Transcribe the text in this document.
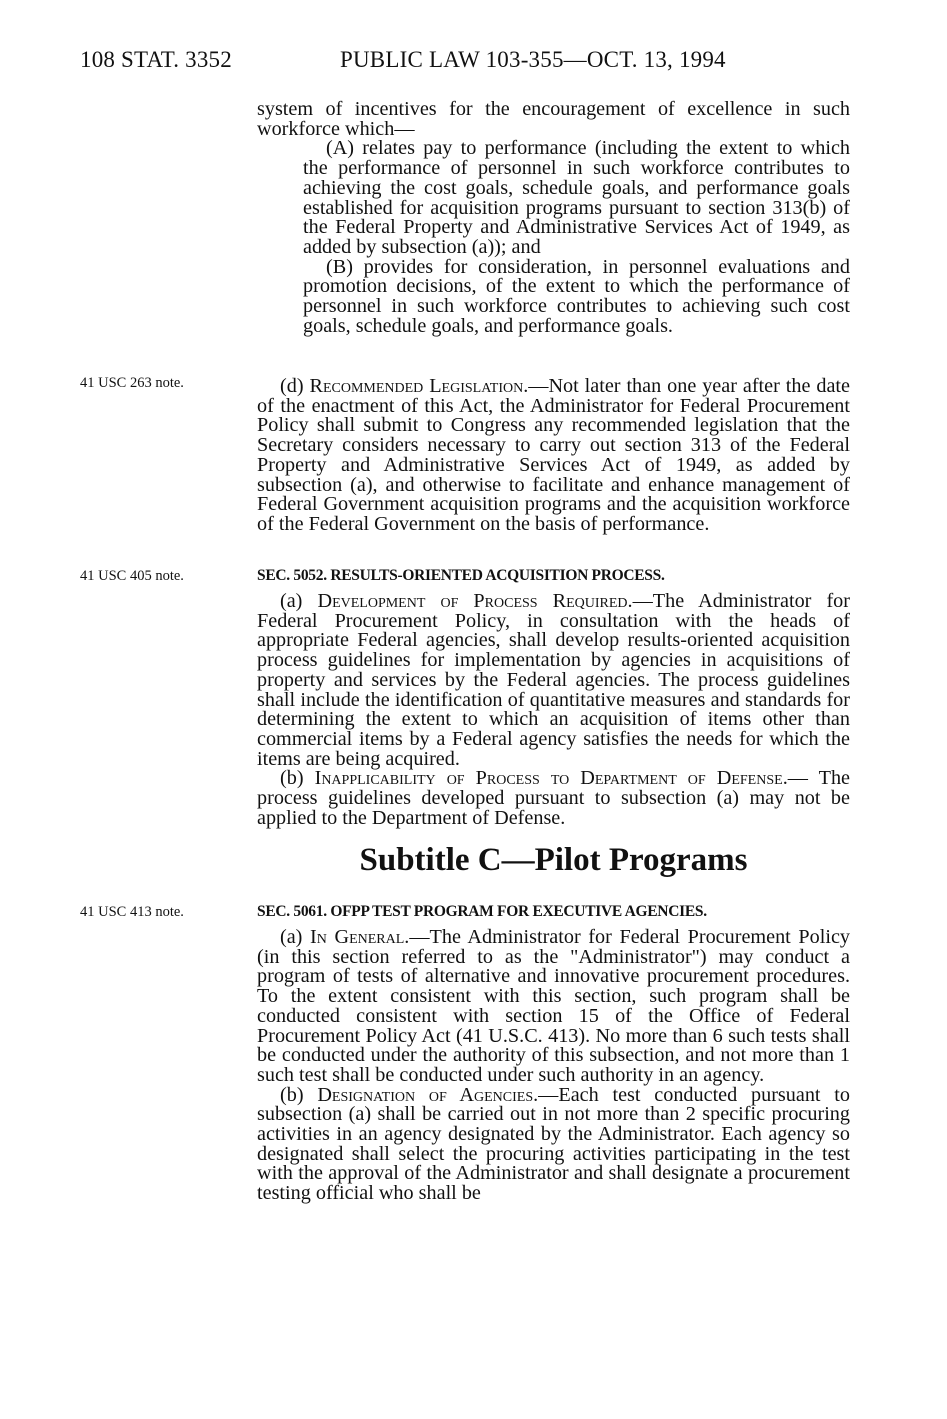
108 STAT. 3352	PUBLIC LAW 103-355—OCT. 13, 1994

system of incentives for the encouragement of excellence in such workforce which—

(A) relates pay to performance (including the extent to which the performance of personnel in such workforce contributes to achieving the cost goals, schedule goals, and performance goals established for acquisition programs pursuant to section 313(b) of the Federal Property and Administrative Services Act of 1949, as added by subsection (a)); and

(B) provides for consideration, in personnel evaluations and promotion decisions, of the extent to which the performance of personnel in such workforce contributes to achieving such cost goals, schedule goals, and performance goals.

41 USC 263 note.	(d) Recommended Legislation.—Not later than one year after the date of the enactment of this Act, the Administrator for Federal Procurement Policy shall submit to Congress any recommended legislation that the Secretary considers necessary to carry out section 313 of the Federal Property and Administrative Services Act of 1949, as added by subsection (a), and otherwise to facilitate and enhance management of Federal Government acquisition programs and the acquisition workforce of the Federal Government on the basis of performance.

41 USC 405 note.	SEC. 5052. RESULTS-ORIENTED ACQUISITION PROCESS.

(a) Development of Process Required.—The Administrator for Federal Procurement Policy, in consultation with the heads of appropriate Federal agencies, shall develop results-oriented acquisition process guidelines for implementation by agencies in acquisitions of property and services by the Federal agencies. The process guidelines shall include the identification of quantitative measures and standards for determining the extent to which an acquisition of items other than commercial items by a Federal agency satisfies the needs for which the items are being acquired.

(b) Inapplicability of Process to Department of Defense.— The process guidelines developed pursuant to subsection (a) may not be applied to the Department of Defense.

Subtitle C—Pilot Programs
41 USC 413 note.	SEC. 5061. OFPP TEST PROGRAM FOR EXECUTIVE AGENCIES.

(a) In General.—The Administrator for Federal Procurement Policy (in this section referred to as the "Administrator") may conduct a program of tests of alternative and innovative procurement procedures. To the extent consistent with this section, such program shall be conducted consistent with section 15 of the Office of Federal Procurement Policy Act (41 U.S.C. 413). No more than 6 such tests shall be conducted under the authority of this subsection, and not more than 1 such test shall be conducted under such authority in an agency.

(b) Designation of Agencies.—Each test conducted pursuant to subsection (a) shall be carried out in not more than 2 specific procuring activities in an agency designated by the Administrator. Each agency so designated shall select the procuring activities participating in the test with the approval of the Administrator and shall designate a procurement testing official who shall be
